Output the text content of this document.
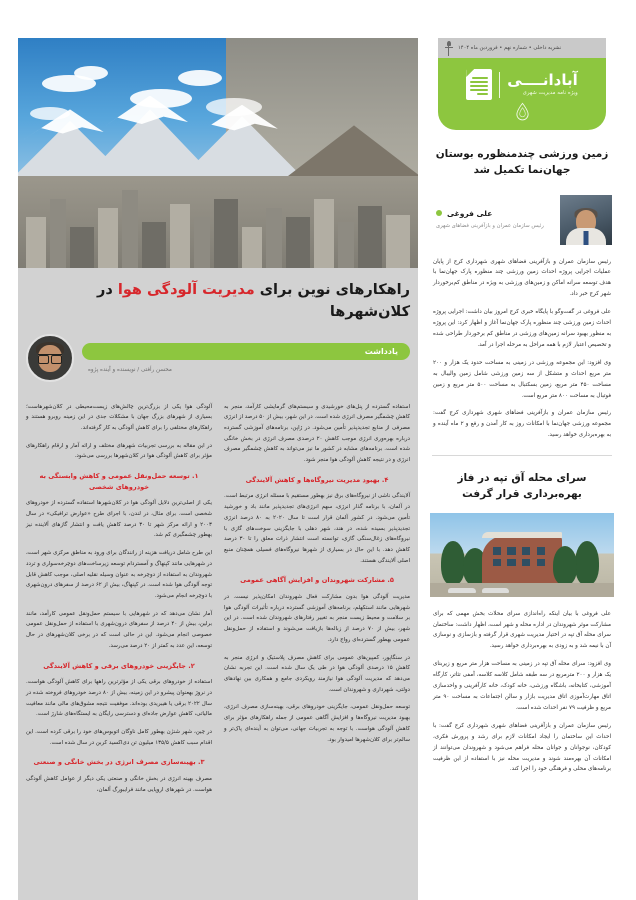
نشریه داخلی • شماره نهم • فروردین ماه ۱۴۰۴
آبادانــــی
ویژه نامه مدیریت شهری
زمین ورزشی چندمنظوره بوستان جهان‌نما تکمیل شد
علی فروغی
رئیس سازمان عمران و بازآفرینی فضاهای شهری

رئیس سازمان عمران و بازآفرینی فضاهای شهری شهرداری کرج از پایان عملیات اجرایی پروژه احداث زمین ورزشی چند منظوره پارک جهان‌نما با هدف توسعه سرانه اماکن و زمین‌های ورزشی به ویژه در مناطق کم‌برخوردار شهر کرج خبر داد.

علی فروغی در گفت‌وگو با پایگاه خبری کرج امروز بیان داشت: اجرایی پروژه احداث زمین ورزشی چند منظوره پارک جهان‌نما آغاز و اظهار کرد: این پروژه به منظور بهبود سرانه زمین‌های ورزشی در مناطق کم برخوردار طراحی شده و تخصیص اعتبار لازم با همه مراحل به مرحله اجرا در آمد.

وی افزود: این مجموعه ورزشی در زمینی به مساحت حدود یک هزار و ۲۰۰ متر مربع احداث و متشکل از سه زمین ورزشی شامل زمین والیبال به مساحت ۴۵۰ متر مربع، زمین بسکتبال به مساحت ۵۰۰ متر مربع و زمین فوتبال به مساحت ۸۰۰ متر مربع است.

رئیس سازمان عمران و بازآفرینی فضاهای شهری شهرداری کرج گفت: مجموعه ورزشی جهان‌نما با امکانات روز به کار آمدن و رفع و ۲ ماه آینده و به بهره‌برداری خواهد رسید.

سرای محله آق تپه در فاز بهره‌برداری قرار گرفت

علی فروغی با بیان اینکه راه‌اندازی سرای محلات بخش مهمی که برای مشارکت موثر شهروندان در اداره محله و شهر است، اظهار داشت: ساختمان سرای محله آق تپه در اختیار مدیریت شهری قرار گرفته و بازسازی و نوسازی آن با نیمه شد و به زودی به بهره‌برداری خواهد رسید.

وی افزود: سرای محله آق تپه در زمینی به مساحت هزار متر مربع و زیربنای یک هزار و ۲۰۰ مترمربع در سه طبقه شامل کلاسه کلاسه، آمفی تئاتر، کارگاه آموزشی، کتابخانه، باشگاه ورزشی، خانه کودک، خانه کارآفرینی و واحدسازی اتاق مهارت‌آموزی اتاق مدیریت بازار و سالن اجتماعات به مساحت ۹۰ متر مربع و ظرفیت ۷۹ نفر احداث شده است.

رئیس سازمان عمران و بازآفرینی فضاهای شهری شهرداری کرج گفت: با احداث این ساختمان را ایجاد امکانات لازم برای رشد و پرورش فکری، کودکان، نوجوانان و جوانان محله فراهم می‌شود و شهروندان می‌توانند از امکانات آن بهره‌مند شوند و مدیریت محله نیز با استفاده از این ظرفیت برنامه‌های محلی و فرهنگی خود را اجرا کند.

راهکارهای نوین برای مدیریت آلودگی هوا در کلان‌شهرها
یادداشت
محسن رأفتی / نویسنده و آینده پژوه

استفاده گسترده از پنل‌های خورشیدی و سیستم‌های گرمایشی کارآمد، منجر به کاهش چشمگیر مصرف انرژی شده است. در این شهر، بیش از ۵۰ درصد از انرژی مصرفی از منابع تجدیدپذیر تأمین می‌شود. در ژاپن، برنامه‌های آموزشی گسترده درباره بهره‌وری انرژی موجب کاهش ۲۰ درصدی مصرف انرژی در بخش خانگی شده است. برنامه‌های مشابه در کشور ما نیز می‌تواند به کاهش چشمگیر مصرف انرژی و در نتیجه کاهش آلودگی هوا منجر شود.

۴. بهبود مدیریت نیروگاه‌ها و کاهش آلایندگی

آلایندگی ناشی از نیروگاه‌های برق نیز بهطور مستقیم با مسئله انرژی مرتبط است. در آلمان، با برنامه گذار انرژی، سهم انرژی‌های تجدیدپذیر مانند باد و خورشید تأمین می‌شود. در کشور آلمان قرار است تا سال ۲۰۲۰ به ۸۰ درصد انرژی تجدیدپذیر بسیده شده، در هند، شهر دهلی با جایگزینی سوخت‌های گازی با نیروگاه‌های زغال‌سنگی گازی، توانسته است انتشار ذرات معلق را تا ۳۰ درصد کاهش دهد. با این حال در بسیاری از شهرها نیروگاه‌های فسیلی همچنان منبع اصلی آلایندگی هستند.

۵. مشارکت شهروندان و افزایش آگاهی عمومی

مدیریت آلودگی هوا بدون مشارکت فعال شهروندان امکان‌پذیر نیست. در شهرهایی مانند استکهلم، برنامه‌های آموزشی گسترده درباره تأثیرات آلودگی هوا بر سلامت و محیط زیست منجر به تغییر رفتارهای شهروندان شده است. در این شهر، بیش از ۷۰ درصد از زباله‌ها بازیافت می‌شوند و استفاده از حمل‌ونقل عمومی بهطور گسترده‌ای رواج دارد.

در سنگاپور، کمپین‌های عمومی برای کاهش مصرف پلاستیک و انرژی منجر به کاهش ۱۵ درصدی آلودگی هوا در طی یک سال شده است. این تجربه نشان می‌دهد که مدیریت آلودگی هوا نیازمند رویکردی جامع و همکاری بین نهادهای دولتی، شهرداری و شهروندان است.

توسعه حمل‌ونقل عمومی، جایگزینی خودروهای برقی، بهینه‌سازی مصرف انرژی، بهبود مدیریت نیروگاه‌ها و افزایش آگاهی عمومی از جمله راهکارهای مؤثر برای کاهش آلودگی هواست. با توجه به تجربیات جهانی، می‌توان به آینده‌ای پاک‌تر و سالم‌تر برای کلان‌شهرها امیدوار بود.

آلودگی هوا یکی از بزرگ‌ترین چالش‌های زیست‌محیطی در کلان‌شهرهاست؛ بسیاری از شهرهای بزرگ جهان با مشکلات جدی در این زمینه روبرو هستند و راهکارهای مختلفی را برای کاهش آلودگی به کار گرفته‌اند.

در این مقاله به بررسی تجربیات شهرهای مختلف و ارائه آمار و ارقام راهکارهای مؤثر برای کاهش آلودگی هوا در کلان‌شهرها بررسی می‌شود.

۱. توسعه حمل‌ونقل عمومی و کاهش وابستگی به خودروهای شخصی

یکی از اصلی‌ترین دلایل آلودگی هوا در کلان‌شهرها استفاده گسترده از خودروهای شخصی است. برای مثال، در لندن، با اجرای طرح «عوارض ترافیکی» در سال ۲۰۰۳ و ارائه مرکز شهر تا ۳۰ درصد کاهش یافت و انتشار گازهای آلاینده نیز بهطور چشمگیری کم شد.

این طرح شامل دریافت هزینه از رانندگان برای ورود به مناطق مرکزی شهر است، در شهرهایی مانند کپنهاگ و آمستردام توسعه زیرساخت‌های دوچرخه‌سواری و تردد شهروندان به استفاده از دوچرخه به عنوان وسیله نقلیه اصلی، موجب کاهش قابل توجه آلودگی هوا شده است. در کپنهاگ، بیش از ۶۲ درصد از سفرهای درون‌شهری با دوچرخه انجام می‌شود.

آمار نشان می‌دهد که در شهرهایی با سیستم حمل‌ونقل عمومی کارآمد، مانند برلین، بیش از ۴۰ درصد از سفرهای درون‌شهری با استفاده از حمل‌ونقل عمومی خصوصی انجام می‌شود. این در حالی است که در برخی کلان‌شهرهای در حال توسعه، این عدد به کمتر از ۲۰ درصد می‌رسد.

۲. جایگزینی خودروهای برقی و کاهش آلایندگی

استفاده از خودروهای برقی یکی از مؤثرترین راهها برای کاهش آلودگی هواست. در نروژ بهعنوان پیشرو در این زمینه، بیش از ۸۰ درصد خودروهای فروخته شده در سال ۲۰۲۲ برقی یا هیبریدی بوده‌اند. موفقیت نتیجه مشوق‌های مالی مانند معافیت مالیاتی، کاهش عوارض جاده‌ای و دسترسی رایگان به ایستگاه‌های شارژ است.

در چین، شهر شنژن بهطور کامل ناوگان اتوبوس‌های خود را برقی کرده است. این اقدام سبب کاهش ۱۳۵/۵ میلیون تن دی‌اکسید کربن در سال شده است.

۳. بهینه‌سازی مصرف انرژی در بخش خانگی و صنعتی

مصرف بهینه انرژی در بخش خانگی و صنعتی یکی دیگر از عوامل کاهش آلودگی هواست. در شهرهای اروپایی مانند فرایبورگ آلمان،
